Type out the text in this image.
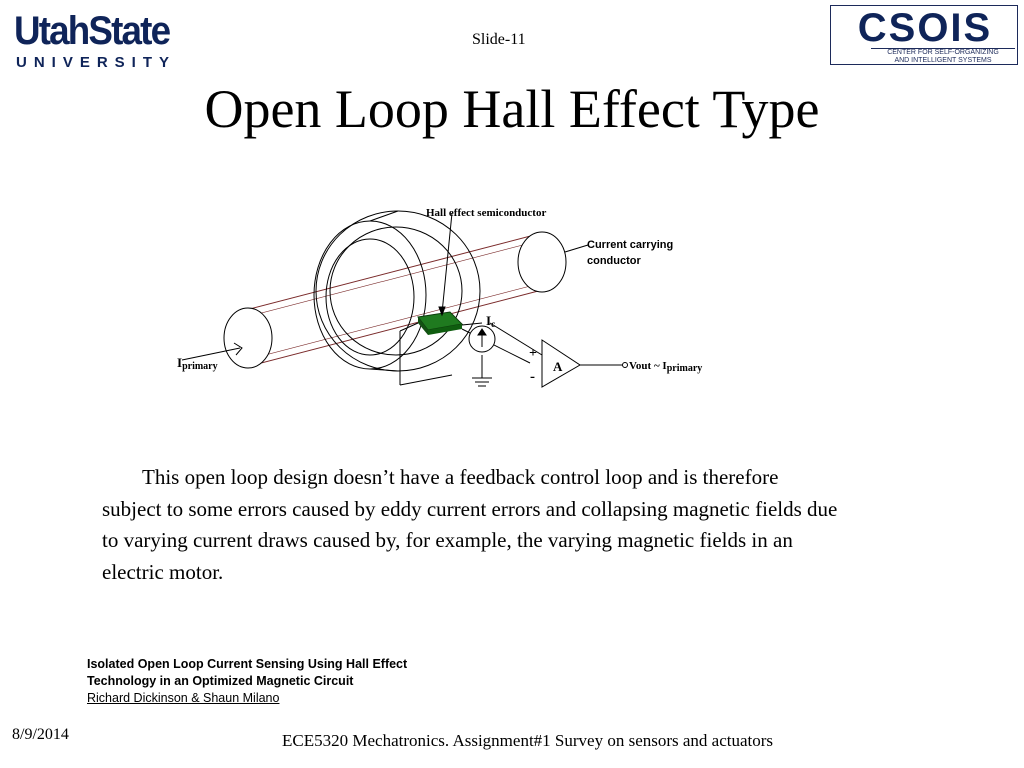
UtahState
UNIVERSITY
CSOIS
CENTER FOR SELF-ORGANIZING
AND INTELLIGENT SYSTEMS
Slide-11
Open Loop Hall Effect Type
Hall effect semiconductor
Current carrying
conductor
Iprimary
Ic
+
-
A	Vout ~ Iprimary

This open loop design doesn’t have a feedback control loop and is therefore subject to some errors caused by eddy current errors and collapsing magnetic fields due to varying current draws caused by, for example, the varying magnetic fields in an electric motor.

Isolated Open Loop Current Sensing Using Hall Effect
Technology in an Optimized Magnetic Circuit
Richard Dickinson & Shaun Milano
8/9/2014	ECE5320 Mechatronics. Assignment#1 Survey on sensors and actuators
